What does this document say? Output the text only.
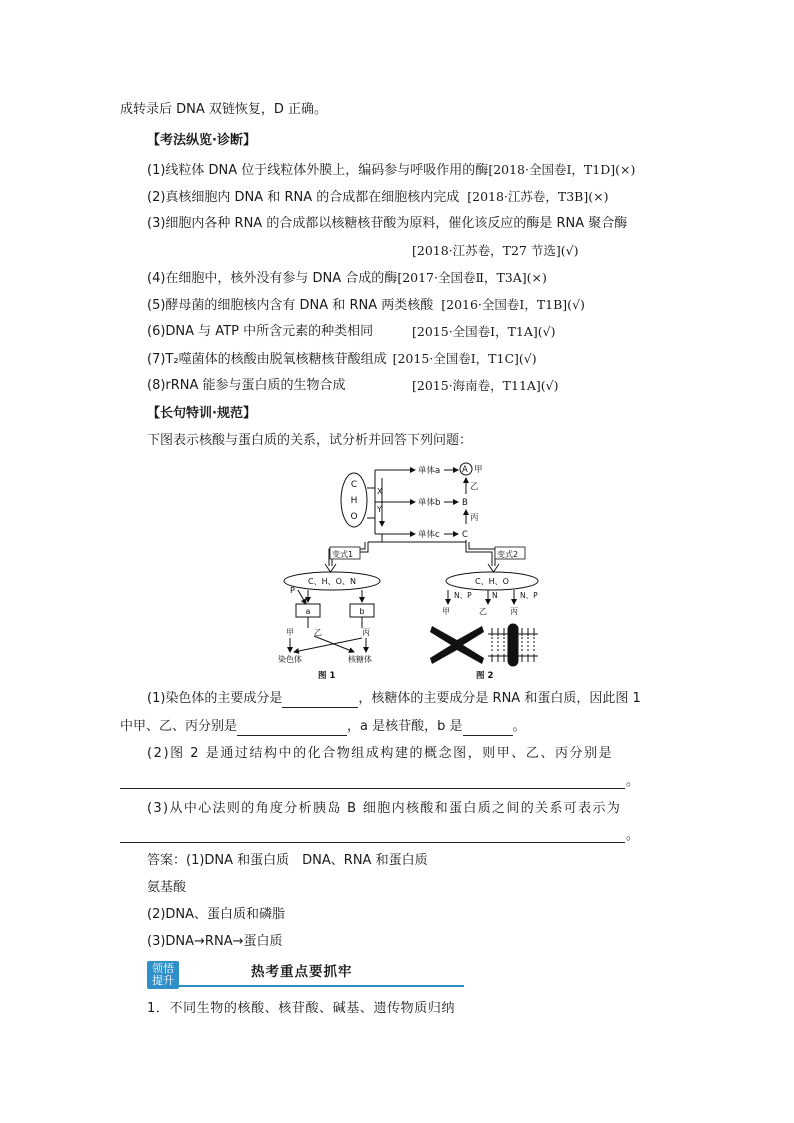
成转录后 DNA 双链恢复，D 正确。
【考法纵览·诊断】
(1)线粒体 DNA 位于线粒体外膜上，编码参与呼吸作用的酶[2018·全国卷Ⅰ，T1D](×)
(2)真核细胞内 DNA 和 RNA 的合成都在细胞核内完成 [2018·江苏卷，T3B](×)
(3)细胞内各种 RNA 的合成都以核糖核苷酸为原料，催化该反应的酶是 RNA 聚合酶
[2018·江苏卷，T27 节选](√)
(4)在细胞中，核外没有参与 DNA 合成的酶[2017·全国卷Ⅱ，T3A](×)
(5)酵母菌的细胞核内含有 DNA 和 RNA 两类核酸 [2016·全国卷Ⅰ，T1B](√)
(6)DNA 与 ATP 中所含元素的种类相同	[2015·全国卷Ⅰ，T1A](√)
(7)T₂噬菌体的核酸由脱氧核糖核苷酸组成 [2015·全国卷Ⅰ，T1C](√)
(8)rRNA 能参与蛋白质的生物合成	[2015·海南卷，T11A](√)
【长句特训·规范】
下图表示核酸与蛋白质的关系，试分析并回答下列问题：
C
H
O
X
Y
单体a
单体b
单体c
A 甲
B
C
乙
丙
变式1	变式2
C、H、O、N
P
a	b
甲	乙	丙
染色体	核糖体
图 1
C、H、O
N、P	N	N、P
甲	乙	丙
图 2
(1)染色体的主要成分是	，核糖体的主要成分是 RNA 和蛋白质，因此图 1
中甲、乙、丙分别是	，a 是核苷酸，b 是	。
(2)图 2 是通过结构中的化合物组成构建的概念图，则甲、乙、丙分别是
。
(3)从中心法则的角度分析胰岛 B 细胞内核酸和蛋白质之间的关系可表示为
。
答案：(1)DNA 和蛋白质　DNA、RNA 和蛋白质
氨基酸
(2)DNA、蛋白质和磷脂
(3)DNA→RNA→蛋白质
领悟
提升
热考重点要抓牢
1．不同生物的核酸、核苷酸、碱基、遗传物质归纳
